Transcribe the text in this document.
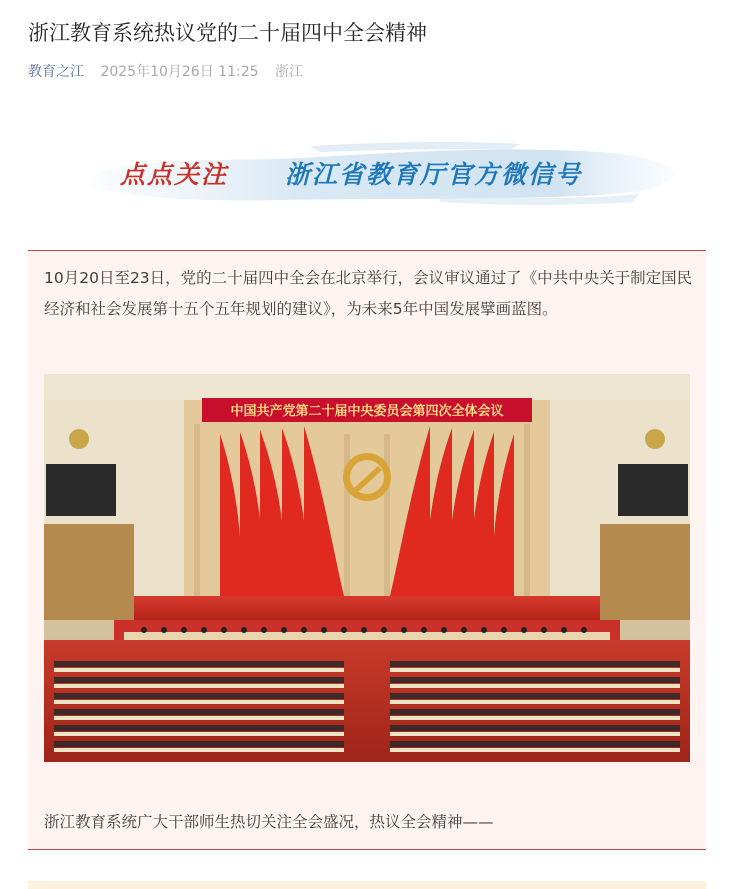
浙江教育系统热议党的二十届四中全会精神
教育之江 2025年10月26日 11:25 浙江
点点关注 浙江省教育厅官方微信号

10月20日至23日，党的二十届四中全会在北京举行，会议审议通过了《中共中央关于制定国民经济和社会发展第十五个五年规划的建议》，为未来5年中国发展擘画蓝图。

中国共产党第二十届中央委员会第四次全体会议

浙江教育系统广大干部师生热切关注全会盛况，热议全会精神——
